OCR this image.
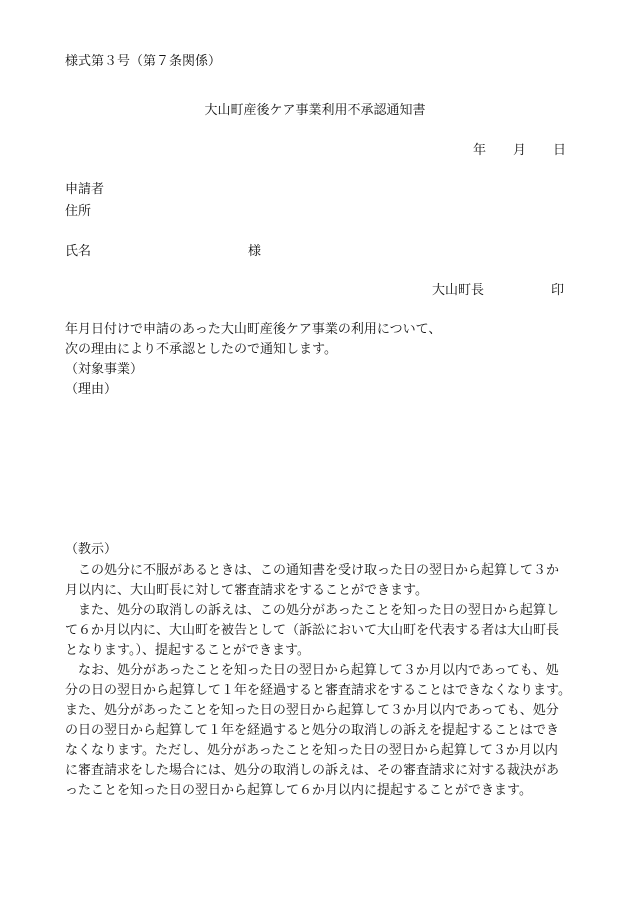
様式第３号（第７条関係）
大山町産後ケア事業利用不承認通知書
年 月 日
申請者
住所
氏名	様
大山町長	印
年月日付けで申請のあった大山町産後ケア事業の利用について、
次の理由により不承認としたので通知します。
（対象事業）
（理由）
（教示）
　この処分に不服があるときは、この通知書を受け取った日の翌日から起算して３か
月以内に、大山町長に対して審査請求をすることができます。
　また、処分の取消しの訴えは、この処分があったことを知った日の翌日から起算し
て６か月以内に、大山町を被告として（訴訟において大山町を代表する者は大山町長
となります。）、提起することができます。
　なお、処分があったことを知った日の翌日から起算して３か月以内であっても、処
分の日の翌日から起算して１年を経過すると審査請求をすることはできなくなります。
また、処分があったことを知った日の翌日から起算して３か月以内であっても、処分
の日の翌日から起算して１年を経過すると処分の取消しの訴えを提起することはでき
なくなります。ただし、処分があったことを知った日の翌日から起算して３か月以内
に審査請求をした場合には、処分の取消しの訴えは、その審査請求に対する裁決があ
ったことを知った日の翌日から起算して６か月以内に提起することができます。
